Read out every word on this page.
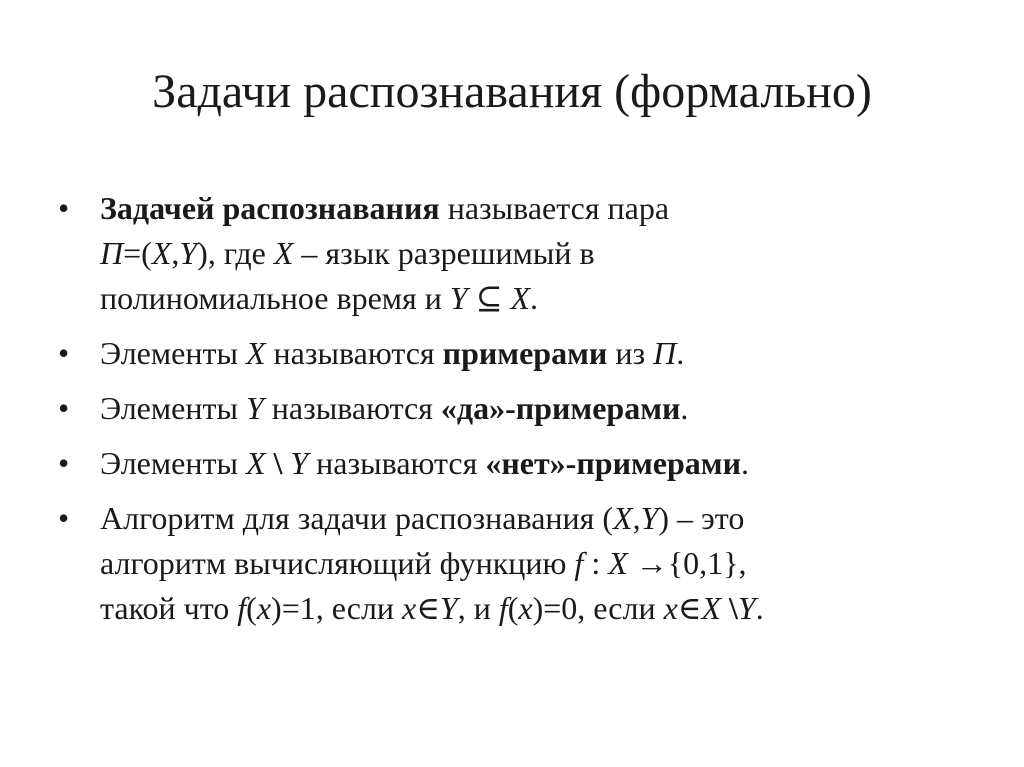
Задачи распознавания (формально)
• Задачей распознавания называется пара
П=(X,Y), где X – язык разрешимый в
полиномиальное время и Y ⊆ X.
• Элементы X называются примерами из П.
• Элементы Y называются «да»-примерами.
• Элементы X \ Y называются «нет»-примерами.
• Алгоритм для задачи распознавания (X,Y) – это
алгоритм вычисляющий функцию f : X →{0,1},
такой что f(x)=1, если x∈Y, и f(x)=0, если x∈X \Y.
